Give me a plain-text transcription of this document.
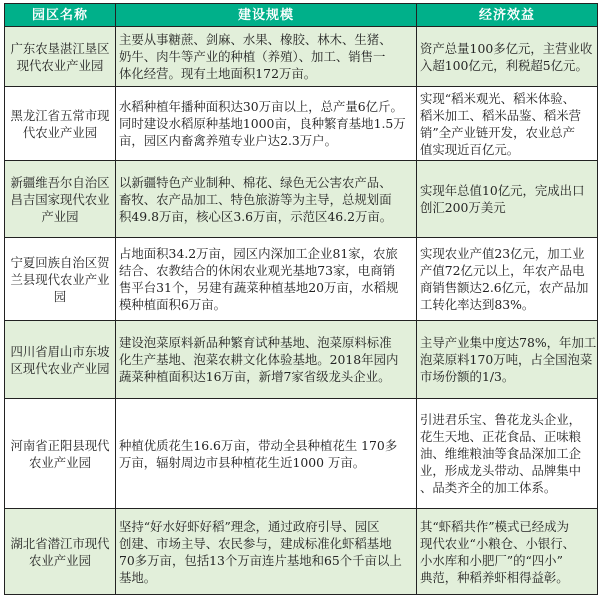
园区名称	建设规模	经济效益

广东农垦湛江垦区
现代农业产业园	主要从事糖蔗、剑麻、水果、橡胶、林木、生猪、
奶牛、肉牛等产业的种植（养殖）、加工、销售一
体化经营。现有土地面积172万亩。	资产总量100多亿元，主营业收
入超100亿元，利税超5亿元。

黑龙江省五常市现
代农业产业园	水稻种植年播种面积达30万亩以上，总产量6亿斤。
同时建设水稻原种基地1000亩，良种繁育基地1.5万
亩，园区内畜禽养殖专业户达2.3万户。	实现“稻米观光、稻米体验、
稻米加工、稻米品鉴、稻米营
销”全产业链开发，农业总产
值实现近百亿元。

新疆维吾尔自治区
昌吉国家现代农业
产业园	以新疆特色产业制种、棉花、绿色无公害农产品、
畜牧、农产品加工、特色旅游等为主导，总规划面
积49.8万亩，核心区3.6万亩，示范区46.2万亩。	实现年总值10亿元，完成出口
创汇200万美元

宁夏回族自治区贺
兰县现代农业产业
园	占地面积34.2万亩，园区内深加工企业81家，农旅
结合、农教结合的休闲农业观光基地73家，电商销
售平台31个，另建有蔬菜种植基地20万亩，水稻规
模种植面积6万亩。	实现农业产值23亿元，加工业
产值72亿元以上，年农产品电
商销售额达2.6亿元，农产品加
工转化率达到83%。

四川省眉山市东坡
区现代农业产业园	建设泡菜原料新品种繁育试种基地、泡菜原料标准
化生产基地、泡菜农耕文化体验基地。2018年园内
蔬菜种植面积达16万亩，新增7家省级龙头企业。	主导产业集中度达78%，年加工
泡菜原料170万吨，占全国泡菜
市场份额的1/3。

河南省正阳县现代
农业产业园	种植优质花生16.6万亩，带动全县种植花生 170多
万亩，辐射周边市县种植花生近1000 万亩。	引进君乐宝、鲁花龙头企业，
花生天地、正花食品、正味粮
油、维维粮油等食品深加工企
业，形成龙头带动、品牌集中
、品类齐全的加工体系。

湖北省潜江市现代
农业产业园	坚持“好水好虾好稻”理念，通过政府引导、园区
创建、市场主导、农民参与，建成标准化虾稻基地
70多万亩，包括13个万亩连片基地和65个千亩以上
基地。	其“虾稻共作”模式已经成为
现代农业“小粮仓、小银行、
小水库和小肥厂”的“四小”
典范，种稻养虾相得益彰。
